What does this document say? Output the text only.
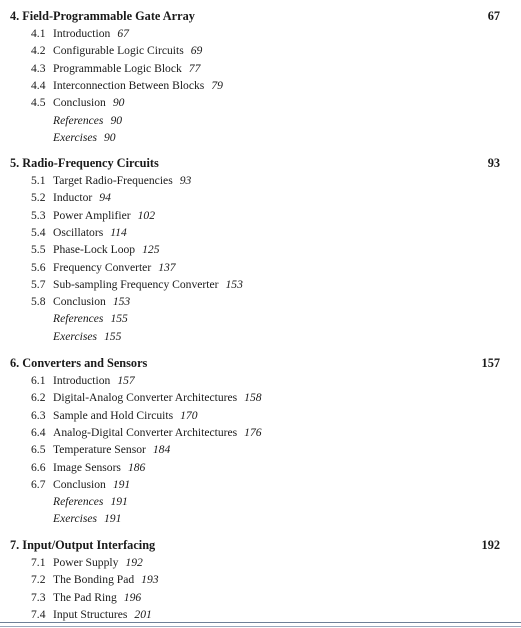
4. Field-Programmable Gate Array	67
4.1 Introduction 67
4.2 Configurable Logic Circuits 69
4.3 Programmable Logic Block 77
4.4 Interconnection Between Blocks 79
4.5 Conclusion 90
References 90
Exercises 90
5. Radio-Frequency Circuits	93
5.1 Target Radio-Frequencies 93
5.2 Inductor 94
5.3 Power Amplifier 102
5.4 Oscillators 114
5.5 Phase-Lock Loop 125
5.6 Frequency Converter 137
5.7 Sub-sampling Frequency Converter 153
5.8 Conclusion 153
References 155
Exercises 155
6. Converters and Sensors	157
6.1 Introduction 157
6.2 Digital-Analog Converter Architectures 158
6.3 Sample and Hold Circuits 170
6.4 Analog-Digital Converter Architectures 176
6.5 Temperature Sensor 184
6.6 Image Sensors 186
6.7 Conclusion 191
References 191
Exercises 191
7. Input/Output Interfacing	192
7.1 Power Supply 192
7.2 The Bonding Pad 193
7.3 The Pad Ring 196
7.4 Input Structures 201
